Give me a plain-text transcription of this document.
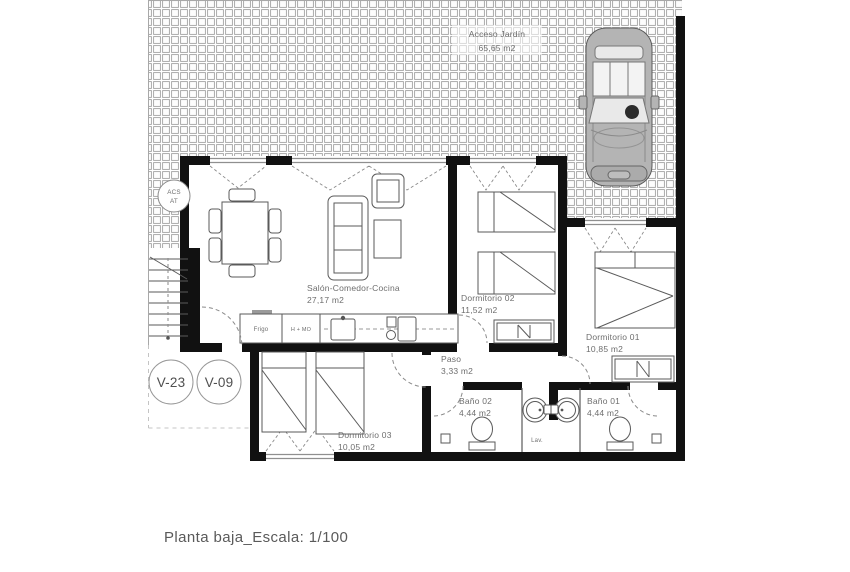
Frigo	H + MO
Acceso Jardín
65,65 m2
Salón-Comedor-Cocina
27,17 m2	Dormitorio 02
11,52 m2
Dormitorio 01
10,85 m2
Paso
3,33 m2
Baño 02
4,44 m2
Baño 01
4,44 m2
Dormitorio 03
10,05 m2
Lav.
ACS
AT
V-23 V-09
Planta baja_Escala: 1/100
